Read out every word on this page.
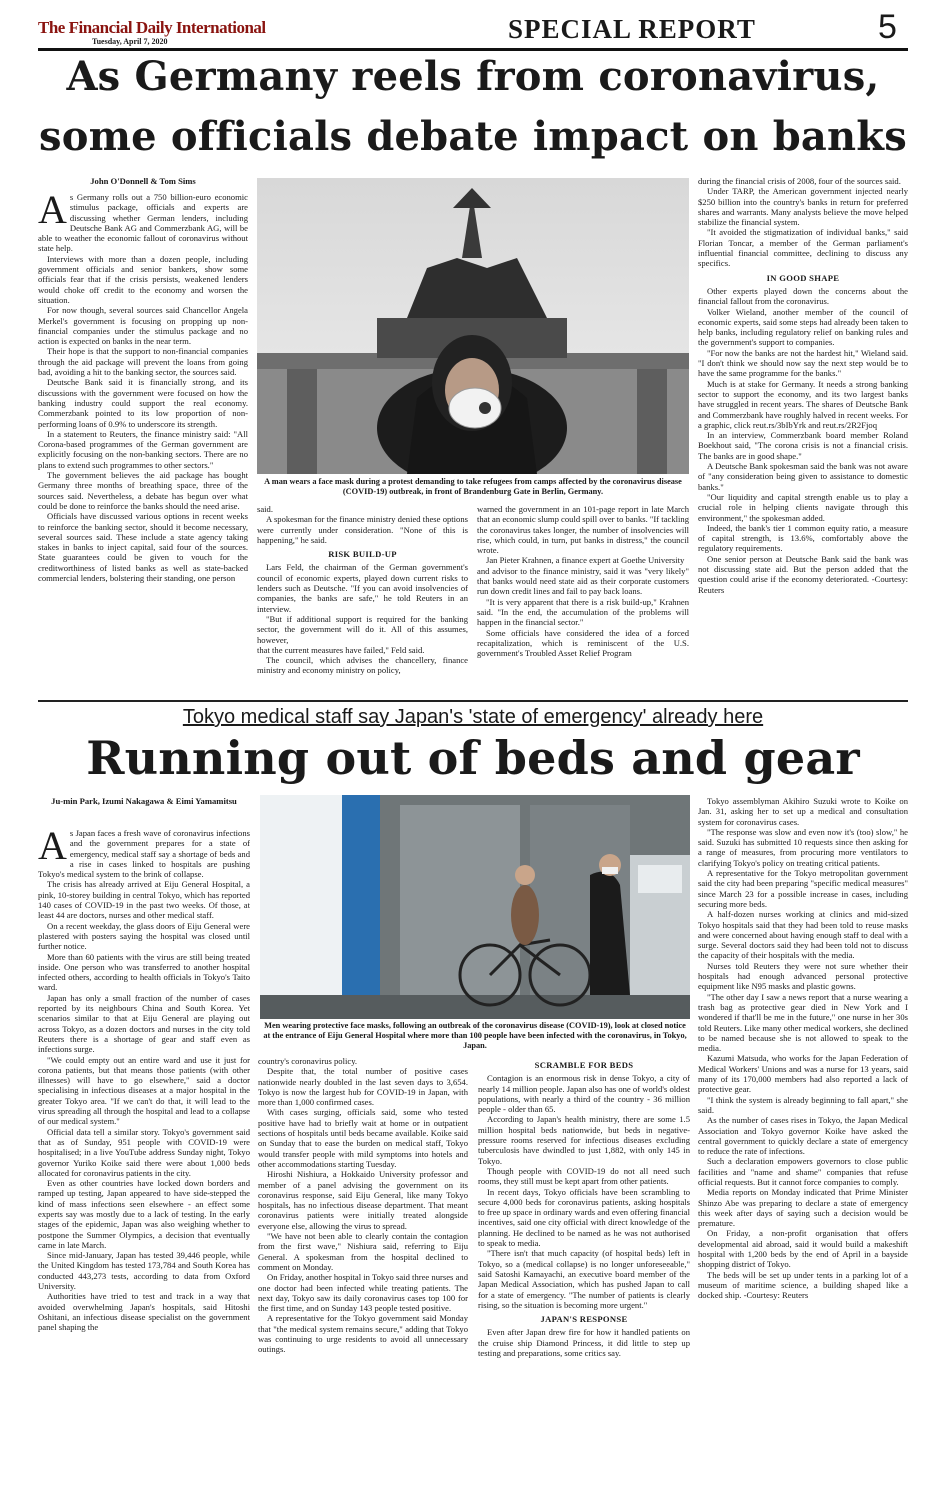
The Financial Daily International
Tuesday, April 7, 2020	SPECIAL REPORT	5
As Germany reels from coronavirus,
some officials debate impact on banks
John O'Donnell & Tom Sims
A s Germany rolls out a 750 billion-euro economic stimulus package, officials and experts are discussing whether German lenders, including Deutsche Bank AG and Commerzbank AG, will be able to weather the economic fallout of coronavirus without state help.

Interviews with more than a dozen people, including government officials and senior bankers, show some officials fear that if the crisis persists, weakened lenders would choke off credit to the economy and worsen the situation.

For now though, several sources said Chancellor Angela Merkel's government is focusing on propping up non-financial companies under the stimulus package and no action is expected on banks in the near term.

Their hope is that the support to non-financial companies through the aid package will prevent the loans from going bad, avoiding a hit to the banking sector, the sources said.

Deutsche Bank said it is financially strong, and its discussions with the government were focused on how the banking industry could support the real economy. Commerzbank pointed to its low proportion of non-performing loans of 0.9% to underscore its strength.

In a statement to Reuters, the finance ministry said: "All Corona-based programmes of the German government are explicitly focusing on the non-banking sectors. There are no plans to extend such programmes to other sectors."

The government believes the aid package has bought Germany three months of breathing space, three of the sources said. Nevertheless, a debate has begun over what could be done to reinforce the banks should the need arise.

Officials have discussed various options in recent weeks to reinforce the banking sector, should it become necessary, several sources said. These include a state agency taking stakes in banks to inject capital, said four of the sources. State guarantees could be given to vouch for the creditworthiness of listed banks as well as state-backed commercial lenders, bolstering their standing, one person

A man wears a face mask during a protest demanding to take refugees from camps affected by the coronavirus disease (COVID-19) outbreak, in front of Brandenburg Gate in Berlin, Germany.

said.

A spokesman for the finance ministry denied these options were currently under consideration. "None of this is happening," he said.

RISK BUILD-UP

Lars Feld, the chairman of the German government's council of economic experts, played down current risks to lenders such as Deutsche. "If you can avoid insolvencies of companies, the banks are safe," he told Reuters in an interview.

"But if additional support is required for the banking sector, the government will do it. All of this assumes, however,

that the current measures have failed," Feld said.

The council, which advises the chancellery, finance ministry and economy ministry on policy,

warned the government in an 101-page report in late March that an economic slump could spill over to banks. "If tackling the coronavirus takes longer, the number of insolvencies will rise, which could, in turn, put banks in distress," the council wrote.

Jan Pieter Krahnen, a finance expert at Goethe University

and advisor to the finance ministry, said it was "very likely" that banks would need state aid as their corporate customers run down credit lines and fail to pay back loans.

"It is very apparent that there is a risk build-up," Krahnen said. "In the end, the accumulation of the problems will happen in the financial sector."

Some officials have considered the idea of a forced recapitalization, which is reminiscent of the U.S. government's Troubled Asset Relief Program

during the financial crisis of 2008, four of the sources said.

Under TARP, the American government injected nearly $250 billion into the country's banks in return for preferred shares and warrants. Many analysts believe the move helped stabilize the financial system.

"It avoided the stigmatization of individual banks," said Florian Toncar, a member of the German parliament's influential financial committee, declining to discuss any specifics.

IN GOOD SHAPE

Other experts played down the concerns about the financial fallout from the coronavirus.

Volker Wieland, another member of the council of economic experts, said some steps had already been taken to help banks, including regulatory relief on banking rules and the government's support to companies.

"For now the banks are not the hardest hit," Wieland said. "I don't think we should now say the next step would be to have the same programme for the banks."

Much is at stake for Germany. It needs a strong banking sector to support the economy, and its two largest banks have struggled in recent years. The shares of Deutsche Bank and Commerzbank have roughly halved in recent weeks. For a graphic, click reut.rs/3bIbYrk and reut.rs/2R2Fjoq

In an interview, Commerzbank board member Roland Boekhout said, "The corona crisis is not a financial crisis. The banks are in good shape."

A Deutsche Bank spokesman said the bank was not aware of "any consideration being given to assistance to domestic banks."

"Our liquidity and capital strength enable us to play a crucial role in helping clients navigate through this environment," the spokesman added.

Indeed, the bank's tier 1 common equity ratio, a measure of capital strength, is 13.6%, comfortably above the regulatory requirements.

One senior person at Deutsche Bank said the bank was not discussing state aid. But the person added that the question could arise if the economy deteriorated. -Courtesy: Reuters

Tokyo medical staff say Japan's 'state of emergency' already here
Running out of beds and gear
Ju-min Park, Izumi Nakagawa & Eimi Yamamitsu
A s Japan faces a fresh wave of coronavirus infections and the government prepares for a state of emergency, medical staff say a shortage of beds and a rise in cases linked to hospitals are pushing Tokyo's medical system to the brink of collapse.

The crisis has already arrived at Eiju General Hospital, a pink, 10-storey building in central Tokyo, which has reported 140 cases of COVID-19 in the past two weeks. Of those, at least 44 are doctors, nurses and other medical staff.

On a recent weekday, the glass doors of Eiju General were plastered with posters saying the hospital was closed until further notice.

More than 60 patients with the virus are still being treated inside. One person who was transferred to another hospital infected others, according to health officials in Tokyo's Taito ward.

Japan has only a small fraction of the number of cases reported by its neighbours China and South Korea. Yet scenarios similar to that at Eiju General are playing out across Tokyo, as a dozen doctors and nurses in the city told Reuters there is a shortage of gear and staff even as infections surge.

"We could empty out an entire ward and use it just for corona patients, but that means those patients (with other illnesses) will have to go elsewhere," said a doctor specialising in infectious diseases at a major hospital in the greater Tokyo area. "If we can't do that, it will lead to the virus spreading all through the hospital and lead to a collapse of our medical system."

Official data tell a similar story. Tokyo's government said that as of Sunday, 951 people with COVID-19 were hospitalised; in a live YouTube address Sunday night, Tokyo governor Yuriko Koike said there were about 1,000 beds allocated for coronavirus patients in the city.

Even as other countries have locked down borders and ramped up testing, Japan appeared to have side-stepped the kind of mass infections seen elsewhere - an effect some experts say was mostly due to a lack of testing. In the early stages of the epidemic, Japan was also weighing whether to postpone the Summer Olympics, a decision that eventually came in late March.

Since mid-January, Japan has tested 39,446 people, while the United Kingdom has tested 173,784 and South Korea has conducted 443,273 tests, according to data from Oxford University.

Authorities have tried to test and track in a way that avoided overwhelming Japan's hospitals, said Hitoshi Oshitani, an infectious disease specialist on the government panel shaping the

Men wearing protective face masks, following an outbreak of the coronavirus disease (COVID-19), look at closed notice at the entrance of Eiju General Hospital where more than 100 people have been infected with the coronavirus, in Tokyo, Japan.

country's coronavirus policy.

Despite that, the total number of positive cases nationwide nearly doubled in the last seven days to 3,654. Tokyo is now the largest hub for COVID-19 in Japan, with more than 1,000 confirmed cases.

With cases surging, officials said, some who tested positive have had to briefly wait at home or in outpatient sections of hospitals until beds became available. Koike said on Sunday that to ease the burden on medical staff, Tokyo would transfer people with mild symptoms into hotels and other accommodations starting Tuesday.

Hiroshi Nishiura, a Hokkaido University professor and member of a panel advising the government on its coronavirus response, said Eiju General, like many Tokyo hospitals, has no infectious disease department. That meant coronavirus patients were initially treated alongside everyone else, allowing the virus to spread.

"We have not been able to clearly contain the contagion from the first wave," Nishiura said, referring to Eiju General. A spokesman from the hospital declined to comment on Monday.

On Friday, another hospital in Tokyo said three nurses and one doctor had been infected while treating patients. The next day, Tokyo saw its daily coronavirus cases top 100 for the first time, and on Sunday 143 people tested positive.

A representative for the Tokyo government said Monday that "the medical system remains secure," adding that Tokyo was continuing to urge residents to avoid all unnecessary outings.

SCRAMBLE FOR BEDS

Contagion is an enormous risk in dense Tokyo, a city of nearly 14 million people. Japan also has one of world's oldest populations, with nearly a third of the country - 36 million people - older than 65.

According to Japan's health ministry, there are some 1.5 million hospital beds nationwide, but beds in negative-pressure rooms reserved for infectious diseases excluding tuberculosis have dwindled to just 1,882, with only 145 in Tokyo.

Though people with COVID-19 do not all need such rooms, they still must be kept apart from other patients.

In recent days, Tokyo officials have been scrambling to secure 4,000 beds for coronavirus patients, asking hospitals to free up space in ordinary wards and even offering financial incentives, said one city official with direct knowledge of the planning. He declined to be named as he was not authorised to speak to media.

"There isn't that much capacity (of hospital beds) left in Tokyo, so a (medical collapse) is no longer unforeseeable," said Satoshi Kamayachi, an executive board member of the Japan Medical Association, which has pushed Japan to call for a state of emergency. "The number of patients is clearly rising, so the situation is becoming more urgent."

JAPAN'S RESPONSE

Even after Japan drew fire for how it handled patients on the cruise ship Diamond Princess, it did little to step up testing and preparations, some critics say.

Tokyo assemblyman Akihiro Suzuki wrote to Koike on Jan. 31, asking her to set up a medical and consultation system for coronavirus cases.

"The response was slow and even now it's (too) slow," he said. Suzuki has submitted 10 requests since then asking for a range of measures, from procuring more ventilators to clarifying Tokyo's policy on treating critical patients.

A representative for the Tokyo metropolitan government said the city had been preparing "specific medical measures" since March 23 for a possible increase in cases, including securing more beds.

A half-dozen nurses working at clinics and mid-sized Tokyo hospitals said that they had been told to reuse masks and were concerned about having enough staff to deal with a surge. Several doctors said they had been told not to discuss the capacity of their hospitals with the media.

Nurses told Reuters they were not sure whether their hospitals had enough advanced personal protective equipment like N95 masks and plastic gowns.

"The other day I saw a news report that a nurse wearing a trash bag as protective gear died in New York and I wondered if that'll be me in the future," one nurse in her 30s told Reuters. Like many other medical workers, she declined to be named because she is not allowed to speak to the media.

Kazumi Matsuda, who works for the Japan Federation of Medical Workers' Unions and was a nurse for 13 years, said many of its 170,000 members had also reported a lack of protective gear.

"I think the system is already beginning to fall apart," she said.

As the number of cases rises in Tokyo, the Japan Medical Association and Tokyo governor Koike have asked the central government to quickly declare a state of emergency to reduce the rate of infections.

Such a declaration empowers governors to close public facilities and "name and shame" companies that refuse official requests. But it cannot force companies to comply.

Media reports on Monday indicated that Prime Minister Shinzo Abe was preparing to declare a state of emergency this week after days of saying such a decision would be premature.

On Friday, a non-profit organisation that offers developmental aid abroad, said it would build a makeshift hospital with 1,200 beds by the end of April in a bayside shopping district of Tokyo.

The beds will be set up under tents in a parking lot of a museum of maritime science, a building shaped like a docked ship. -Courtesy: Reuters
